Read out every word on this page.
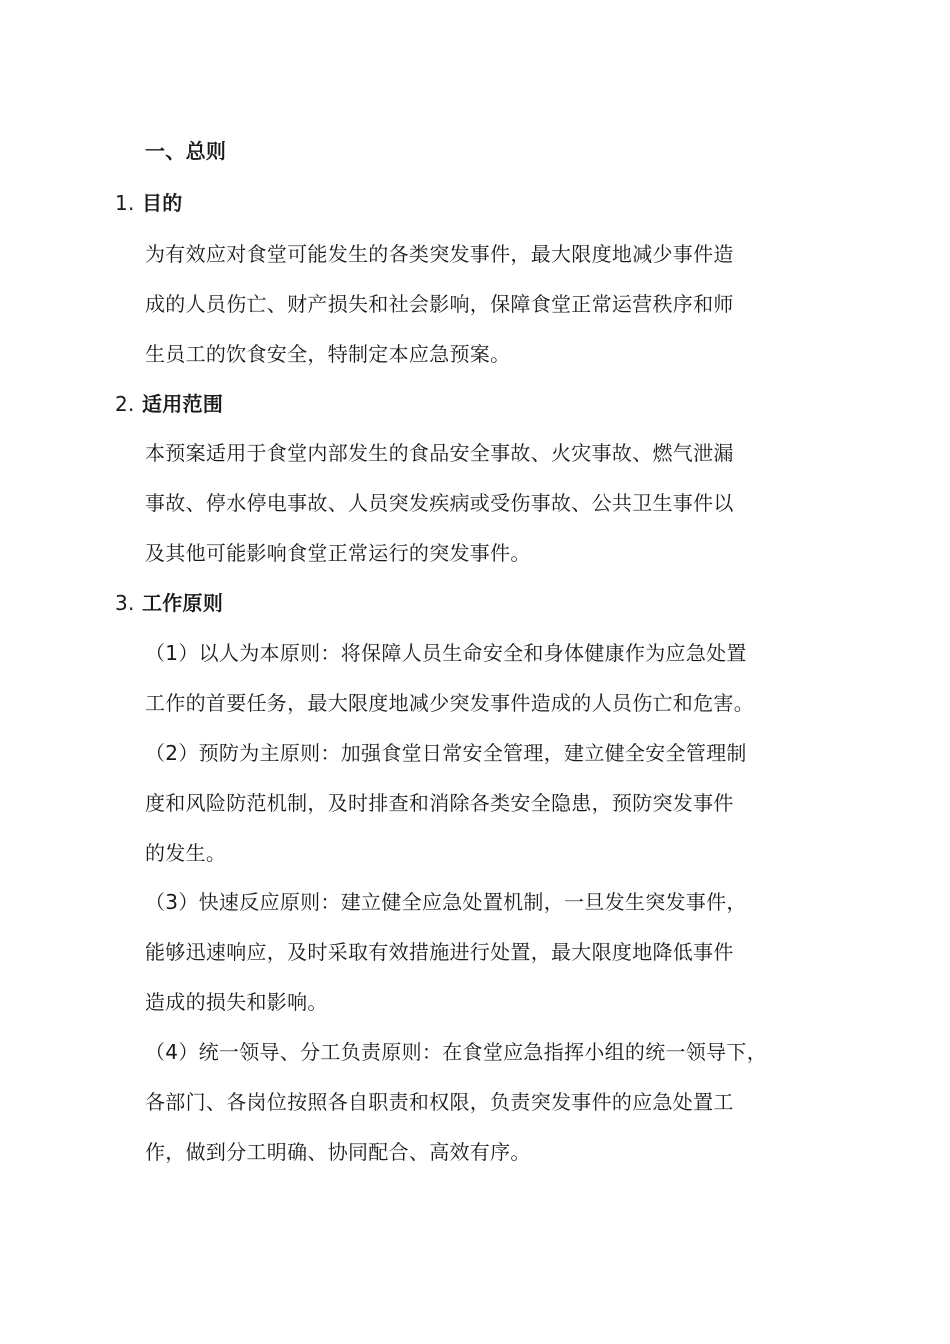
一、总则
1. 目的
为有效应对食堂可能发生的各类突发事件，最大限度地减少事件造
成的人员伤亡、财产损失和社会影响，保障食堂正常运营秩序和师
生员工的饮食安全，特制定本应急预案。
2. 适用范围
本预案适用于食堂内部发生的食品安全事故、火灾事故、燃气泄漏
事故、停水停电事故、人员突发疾病或受伤事故、公共卫生事件以
及其他可能影响食堂正常运行的突发事件。
3. 工作原则
（1）以人为本原则：将保障人员生命安全和身体健康作为应急处置
工作的首要任务，最大限度地减少突发事件造成的人员伤亡和危害。
（2）预防为主原则：加强食堂日常安全管理，建立健全安全管理制
度和风险防范机制，及时排查和消除各类安全隐患，预防突发事件
的发生。
（3）快速反应原则：建立健全应急处置机制，一旦发生突发事件，
能够迅速响应，及时采取有效措施进行处置，最大限度地降低事件
造成的损失和影响。
（4）统一领导、分工负责原则：在食堂应急指挥小组的统一领导下，
各部门、各岗位按照各自职责和权限，负责突发事件的应急处置工
作，做到分工明确、协同配合、高效有序。
